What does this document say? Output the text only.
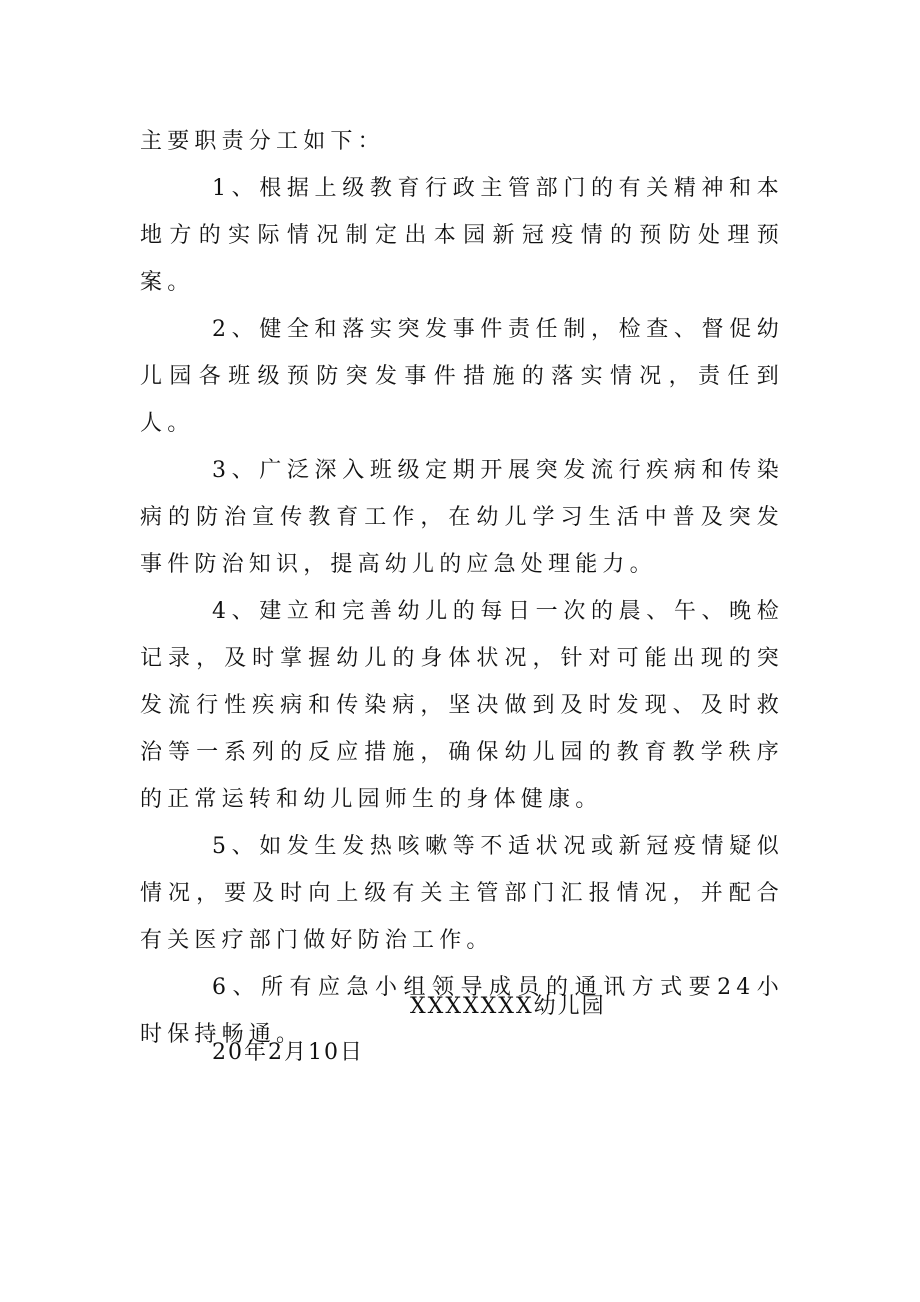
主要职责分工如下：

1、根据上级教育行政主管部门的有关精神和本地方的实际情况制定出本园新冠疫情的预防处理预案。

2、健全和落实突发事件责任制，检查、督促幼儿园各班级预防突发事件措施的落实情况，责任到人。

3、广泛深入班级定期开展突发流行疾病和传染病的防治宣传教育工作，在幼儿学习生活中普及突发事件防治知识，提高幼儿的应急处理能力。

4、建立和完善幼儿的每日一次的晨、午、晚检记录，及时掌握幼儿的身体状况，针对可能出现的突发流行性疾病和传染病，坚决做到及时发现、及时救治等一系列的反应措施，确保幼儿园的教育教学秩序的正常运转和幼儿园师生的身体健康。

5、如发生发热咳嗽等不适状况或新冠疫情疑似情况，要及时向上级有关主管部门汇报情况，并配合有关医疗部门做好防治工作。

6、所有应急小组领导成员的通讯方式要24小时保持畅通。

XXXXXXX幼儿园
20年2月10日
